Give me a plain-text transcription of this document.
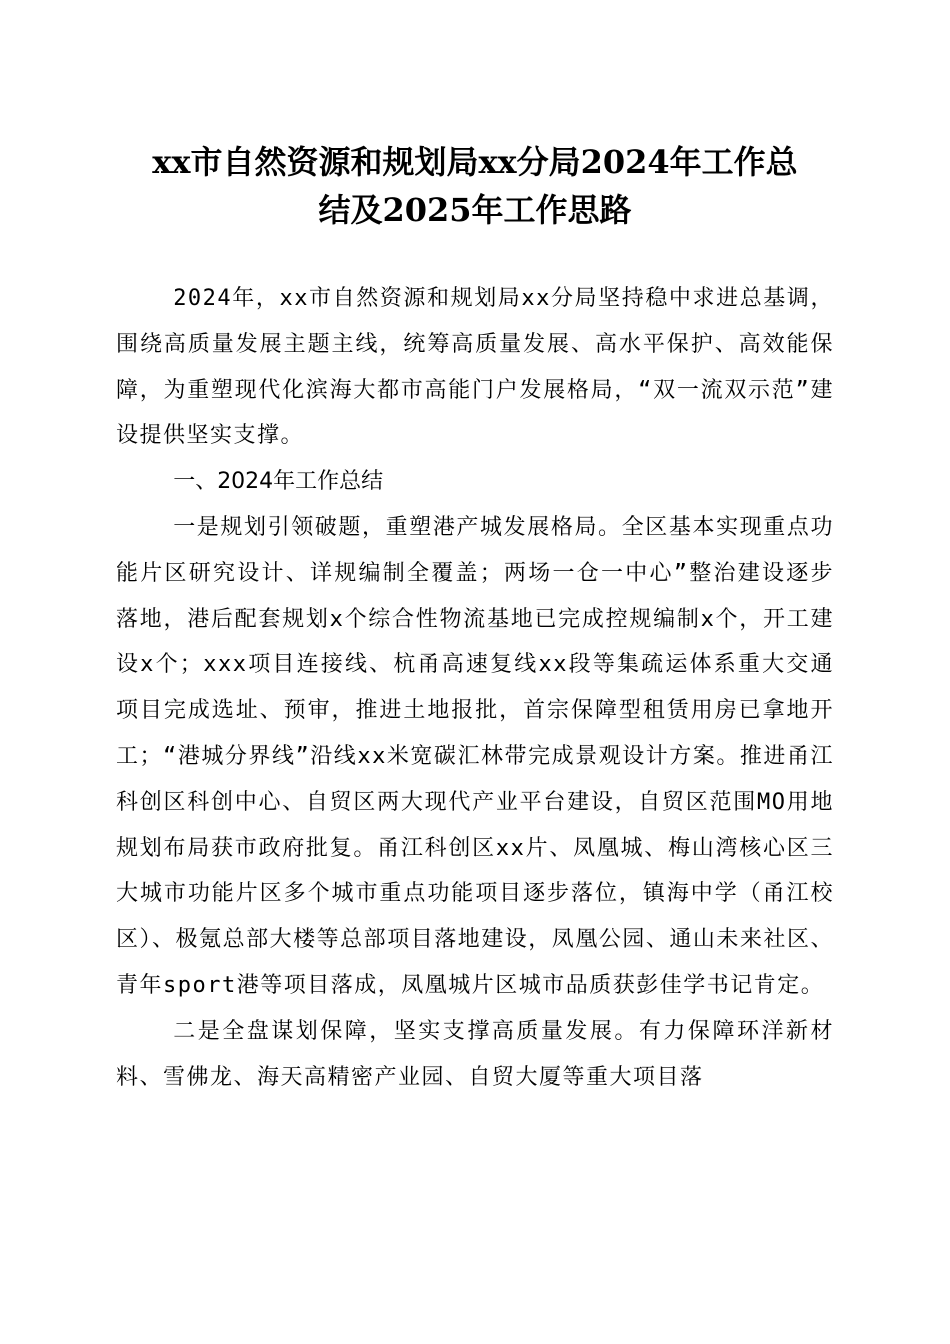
xx市自然资源和规划局xx分局2024年工作总
结及2025年工作思路

2024年，xx市自然资源和规划局xx分局坚持稳中求进总基调，围绕高质量发展主题主线，统筹高质量发展、高水平保护、高效能保障，为重塑现代化滨海大都市高能门户发展格局，“双一流双示范”建设提供坚实支撑。

一、2024年工作总结

一是规划引领破题，重塑港产城发展格局。全区基本实现重点功能片区研究设计、详规编制全覆盖；两场一仓一中心”整治建设逐步落地，港后配套规划x个综合性物流基地已完成控规编制x个，开工建设x个；xxx项目连接线、杭甬高速复线xx段等集疏运体系重大交通项目完成选址、预审，推进土地报批，首宗保障型租赁用房已拿地开工；“港城分界线”沿线xx米宽碳汇林带完成景观设计方案。推进甬江科创区科创中心、自贸区两大现代产业平台建设，自贸区范围MO用地规划布局获市政府批复。甬江科创区xx片、凤凰城、梅山湾核心区三大城市功能片区多个城市重点功能项目逐步落位，镇海中学（甬江校区）、极氪总部大楼等总部项目落地建设，凤凰公园、通山未来社区、青年sport港等项目落成，凤凰城片区城市品质获彭佳学书记肯定。

二是全盘谋划保障，坚实支撑高质量发展。有力保障环洋新材料、雪佛龙、海天高精密产业园、自贸大厦等重大项目落
